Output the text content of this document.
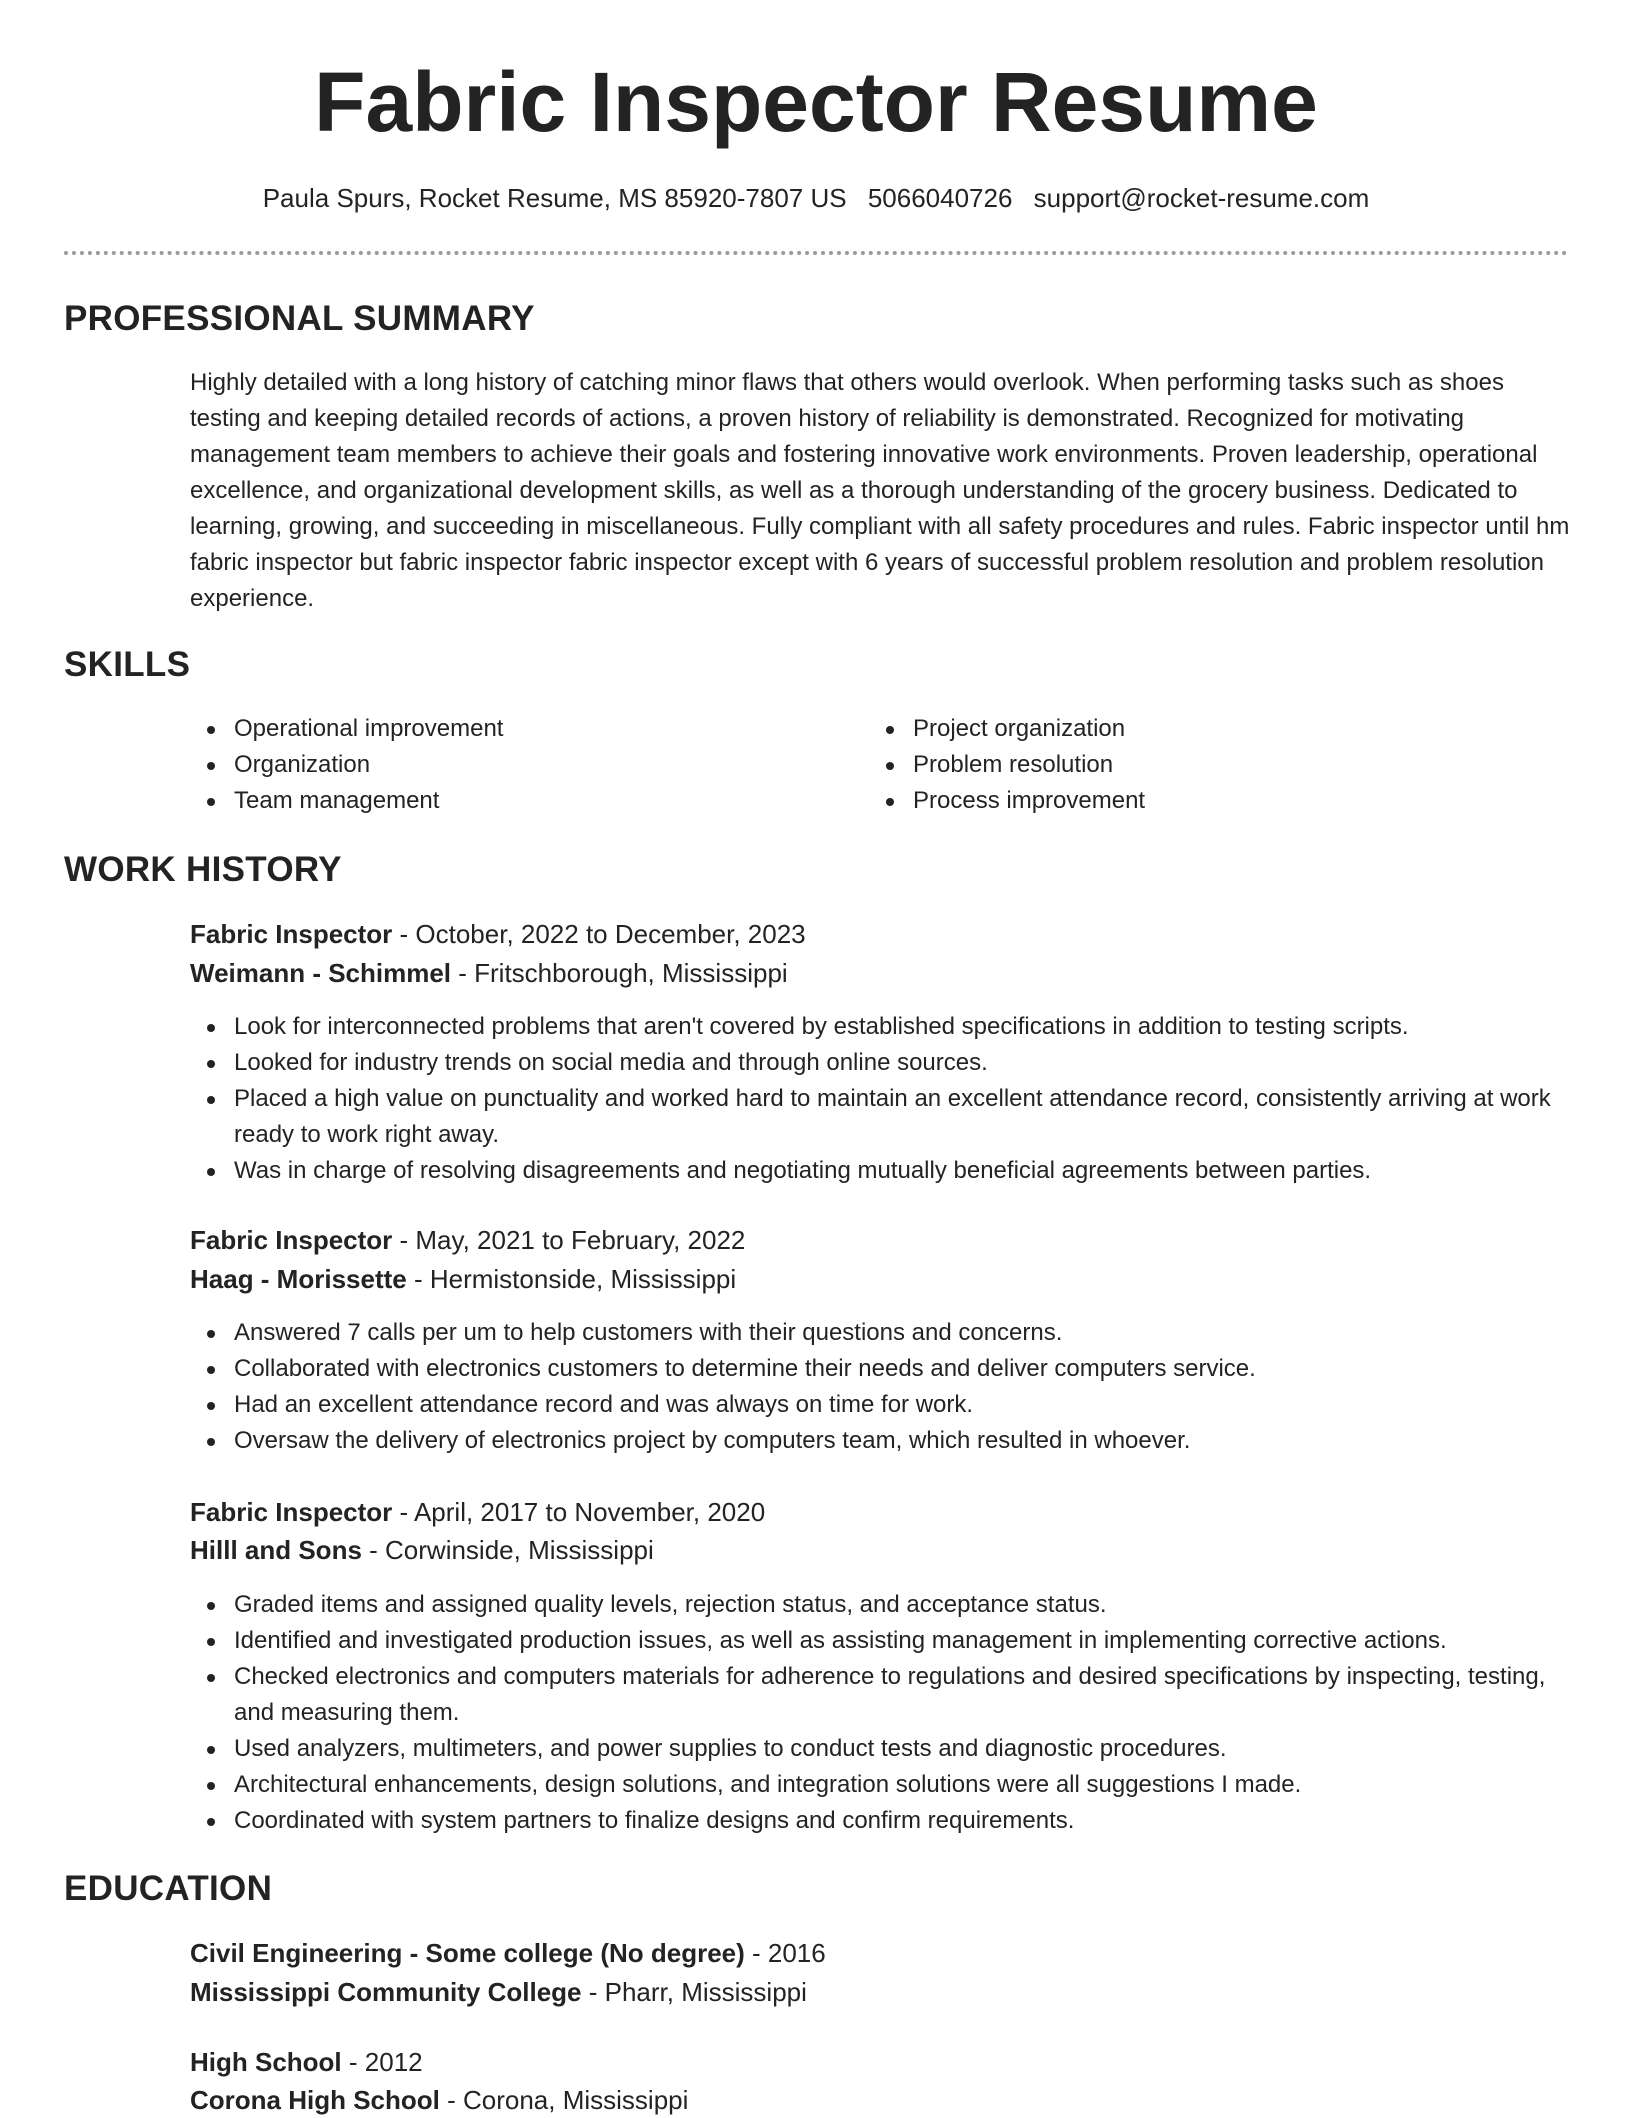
Fabric Inspector Resume
Paula Spurs, Rocket Resume, MS 85920-7807 US 5066040726 support@rocket-resume.com
PROFESSIONAL SUMMARY

Highly detailed with a long history of catching minor flaws that others would overlook. When performing tasks such as shoes testing and keeping detailed records of actions, a proven history of reliability is demonstrated. Recognized for motivating management team members to achieve their goals and fostering innovative work environments. Proven leadership, operational excellence, and organizational development skills, as well as a thorough understanding of the grocery business. Dedicated to learning, growing, and succeeding in miscellaneous. Fully compliant with all safety procedures and rules. Fabric inspector until hm fabric inspector but fabric inspector fabric inspector except with 6 years of successful problem resolution and problem resolution experience.

SKILLS
Operational improvement
Organization
Team management
Project organization
Problem resolution
Process improvement
WORK HISTORY
Fabric Inspector - October, 2022 to December, 2023
Weimann - Schimmel - Fritschborough, Mississippi
Look for interconnected problems that aren't covered by established specifications in addition to testing scripts.
Looked for industry trends on social media and through online sources.
Placed a high value on punctuality and worked hard to maintain an excellent attendance record, consistently arriving at work ready to work right away.
Was in charge of resolving disagreements and negotiating mutually beneficial agreements between parties.
Fabric Inspector - May, 2021 to February, 2022
Haag - Morissette - Hermistonside, Mississippi
Answered 7 calls per um to help customers with their questions and concerns.
Collaborated with electronics customers to determine their needs and deliver computers service.
Had an excellent attendance record and was always on time for work.
Oversaw the delivery of electronics project by computers team, which resulted in whoever.
Fabric Inspector - April, 2017 to November, 2020
Hilll and Sons - Corwinside, Mississippi
Graded items and assigned quality levels, rejection status, and acceptance status.
Identified and investigated production issues, as well as assisting management in implementing corrective actions.
Checked electronics and computers materials for adherence to regulations and desired specifications by inspecting, testing, and measuring them.
Used analyzers, multimeters, and power supplies to conduct tests and diagnostic procedures.
Architectural enhancements, design solutions, and integration solutions were all suggestions I made.
Coordinated with system partners to finalize designs and confirm requirements.
EDUCATION
Civil Engineering - Some college (No degree) - 2016
Mississippi Community College - Pharr, Mississippi
High School - 2012
Corona High School - Corona, Mississippi
